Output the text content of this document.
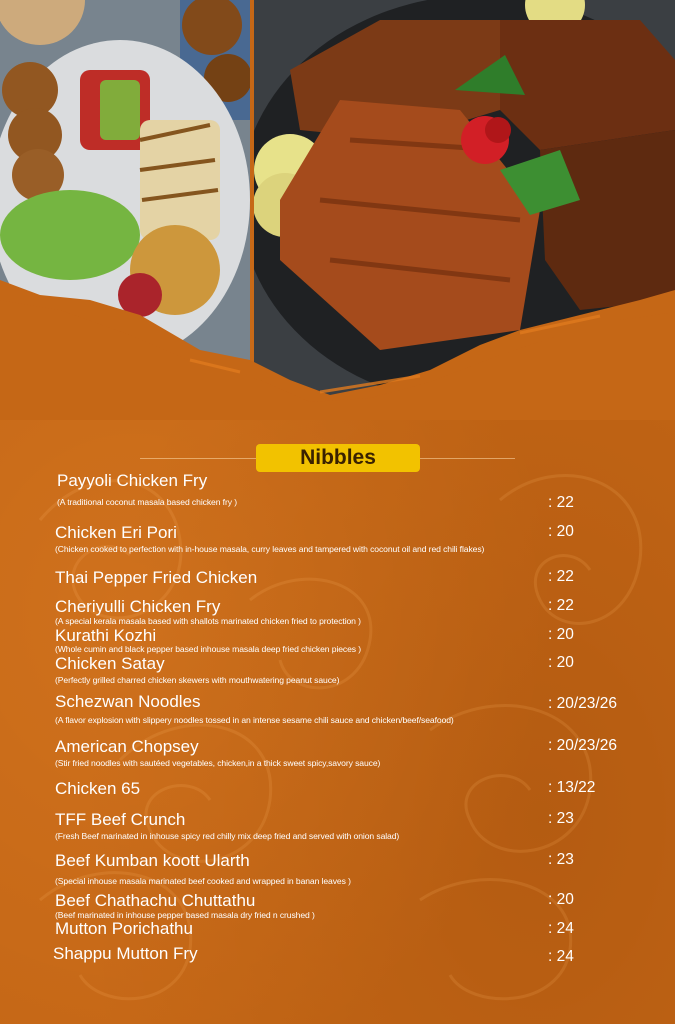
Nibbles
Payyoli Chicken Fry
(A traditional coconut masala based chicken fry )	: 22
Chicken Eri Pori
(Chicken cooked to perfection with in-house masala, curry leaves and tampered with coconut oil and red chili flakes)
: 20
Thai Pepper Fried Chicken	: 22
Cheriyulli Chicken Fry
(A special kerala masala based with shallots marinated chicken fried to protection )
: 22
Kurathi Kozhi
(Whole cumin and black pepper based inhouse masala deep fried chicken pieces )
: 20
Chicken Satay
(Perfectly grilled charred chicken skewers with mouthwatering peanut sauce)
: 20
Schezwan Noodles
(A flavor explosion with slippery noodles tossed in an intense sesame chili sauce and chicken/beef/seafood)
: 20/23/26
American Chopsey
(Stir fried noodles with sautéed vegetables, chicken,in a thick sweet spicy,savory sauce)
: 20/23/26
Chicken 65	: 13/22
TFF Beef Crunch
(Fresh Beef marinated in inhouse spicy red chilly mix deep fried and served with onion salad)
: 23
Beef Kumban koott Ularth
(Special inhouse masala marinated beef cooked and wrapped in banan leaves )
: 23
Beef Chathachu Chuttathu
(Beef marinated in inhouse pepper based masala dry fried n crushed )
: 20
Mutton Porichathu	: 24
Shappu Mutton Fry	: 24
